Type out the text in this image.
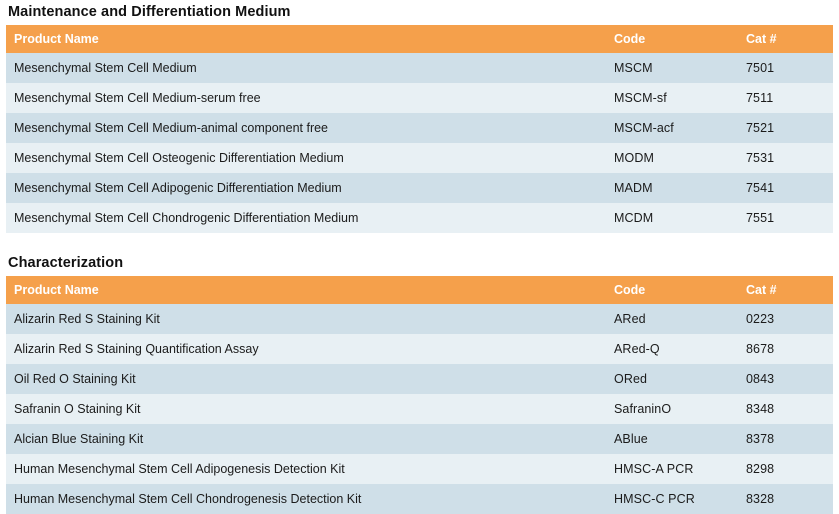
Maintenance and Differentiation Medium
Product Name	Code	Cat #
Mesenchymal Stem Cell Medium	MSCM	7501
Mesenchymal Stem Cell Medium-serum free	MSCM-sf	7511
Mesenchymal Stem Cell Medium-animal component free	MSCM-acf	7521
Mesenchymal Stem Cell Osteogenic Differentiation Medium	MODM	7531
Mesenchymal Stem Cell Adipogenic Differentiation Medium	MADM	7541
Mesenchymal Stem Cell Chondrogenic Differentiation Medium	MCDM	7551
Characterization
Product Name	Code	Cat #
Alizarin Red S Staining Kit	ARed	0223
Alizarin Red S Staining Quantification Assay	ARed-Q	8678
Oil Red O Staining Kit	ORed	0843
Safranin O Staining Kit	SafraninO	8348
Alcian Blue Staining Kit	ABlue	8378
Human Mesenchymal Stem Cell Adipogenesis Detection Kit	HMSC-A PCR	8298
Human Mesenchymal Stem Cell Chondrogenesis Detection Kit	HMSC-C PCR	8328
